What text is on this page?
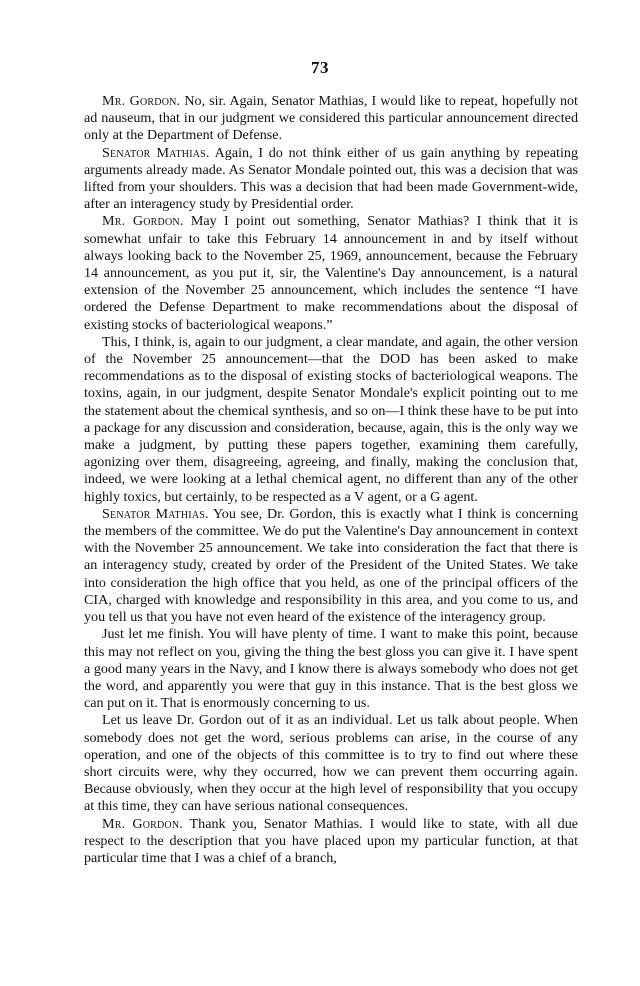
73

Mr. Gordon. No, sir. Again, Senator Mathias, I would like to repeat, hopefully not ad nauseum, that in our judgment we considered this particular announcement directed only at the Department of Defense.

Senator Mathias. Again, I do not think either of us gain anything by repeating arguments already made. As Senator Mondale pointed out, this was a decision that was lifted from your shoulders. This was a decision that had been made Government-wide, after an interagency study by Presidential order.

Mr. Gordon. May I point out something, Senator Mathias? I think that it is somewhat unfair to take this February 14 announcement in and by itself without always looking back to the November 25, 1969, announcement, because the February 14 announcement, as you put it, sir, the Valentine's Day announcement, is a natural extension of the November 25 announcement, which includes the sentence “I have ordered the Defense Department to make recommendations about the disposal of existing stocks of bacteriological weapons.”

This, I think, is, again to our judgment, a clear mandate, and again, the other version of the November 25 announcement—that the DOD has been asked to make recommendations as to the disposal of existing stocks of bacteriological weapons. The toxins, again, in our judgment, despite Senator Mondale's explicit pointing out to me the statement about the chemical synthesis, and so on—I think these have to be put into a package for any discussion and consideration, because, again, this is the only way we make a judgment, by putting these papers together, examining them carefully, agonizing over them, disagreeing, agreeing, and finally, making the conclusion that, indeed, we were looking at a lethal chemical agent, no different than any of the other highly toxics, but certainly, to be respected as a V agent, or a G agent.

Senator Mathias. You see, Dr. Gordon, this is exactly what I think is concerning the members of the committee. We do put the Valentine's Day announcement in context with the November 25 announcement. We take into consideration the fact that there is an interagency study, created by order of the President of the United States. We take into consideration the high office that you held, as one of the principal officers of the CIA, charged with knowledge and responsibility in this area, and you come to us, and you tell us that you have not even heard of the existence of the interagency group.

Just let me finish. You will have plenty of time. I want to make this point, because this may not reflect on you, giving the thing the best gloss you can give it. I have spent a good many years in the Navy, and I know there is always somebody who does not get the word, and apparently you were that guy in this instance. That is the best gloss we can put on it. That is enormously concerning to us.

Let us leave Dr. Gordon out of it as an individual. Let us talk about people. When somebody does not get the word, serious problems can arise, in the course of any operation, and one of the objects of this committee is to try to find out where these short circuits were, why they occurred, how we can prevent them occurring again. Because obviously, when they occur at the high level of responsibility that you occupy at this time, they can have serious national consequences.

Mr. Gordon. Thank you, Senator Mathias. I would like to state, with all due respect to the description that you have placed upon my particular function, at that particular time that I was a chief of a branch,
